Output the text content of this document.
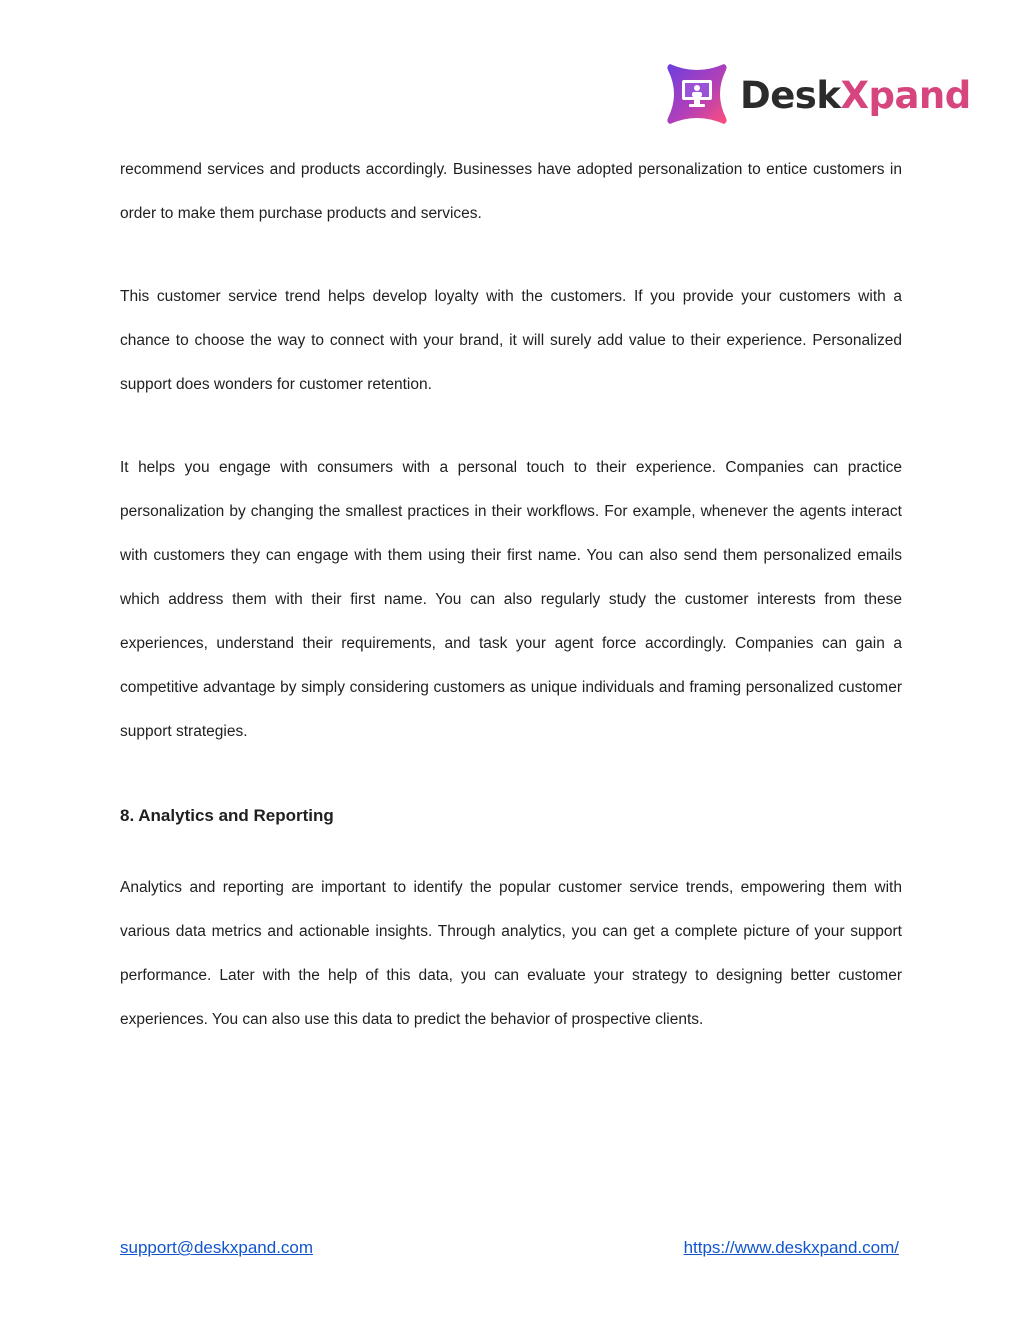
DeskXpand

recommend services and products accordingly. Businesses have adopted personalization to entice customers in order to make them purchase products and services.

This customer service trend helps develop loyalty with the customers. If you provide your customers with a chance to choose the way to connect with your brand, it will surely add value to their experience. Personalized support does wonders for customer retention.

It helps you engage with consumers with a personal touch to their experience. Companies can practice personalization by changing the smallest practices in their workflows. For example, whenever the agents interact with customers they can engage with them using their first name. You can also send them personalized emails which address them with their first name. You can also regularly study the customer interests from these experiences, understand their requirements, and task your agent force accordingly. Companies can gain a competitive advantage by simply considering customers as unique individuals and framing personalized customer support strategies.

8. Analytics and Reporting

Analytics and reporting are important to identify the popular customer service trends, empowering them with various data metrics and actionable insights. Through analytics, you can get a complete picture of your support performance. Later with the help of this data, you can evaluate your strategy to designing better customer experiences. You can also use this data to predict the behavior of prospective clients.

support@deskxpand.com	https://www.deskxpand.com/
